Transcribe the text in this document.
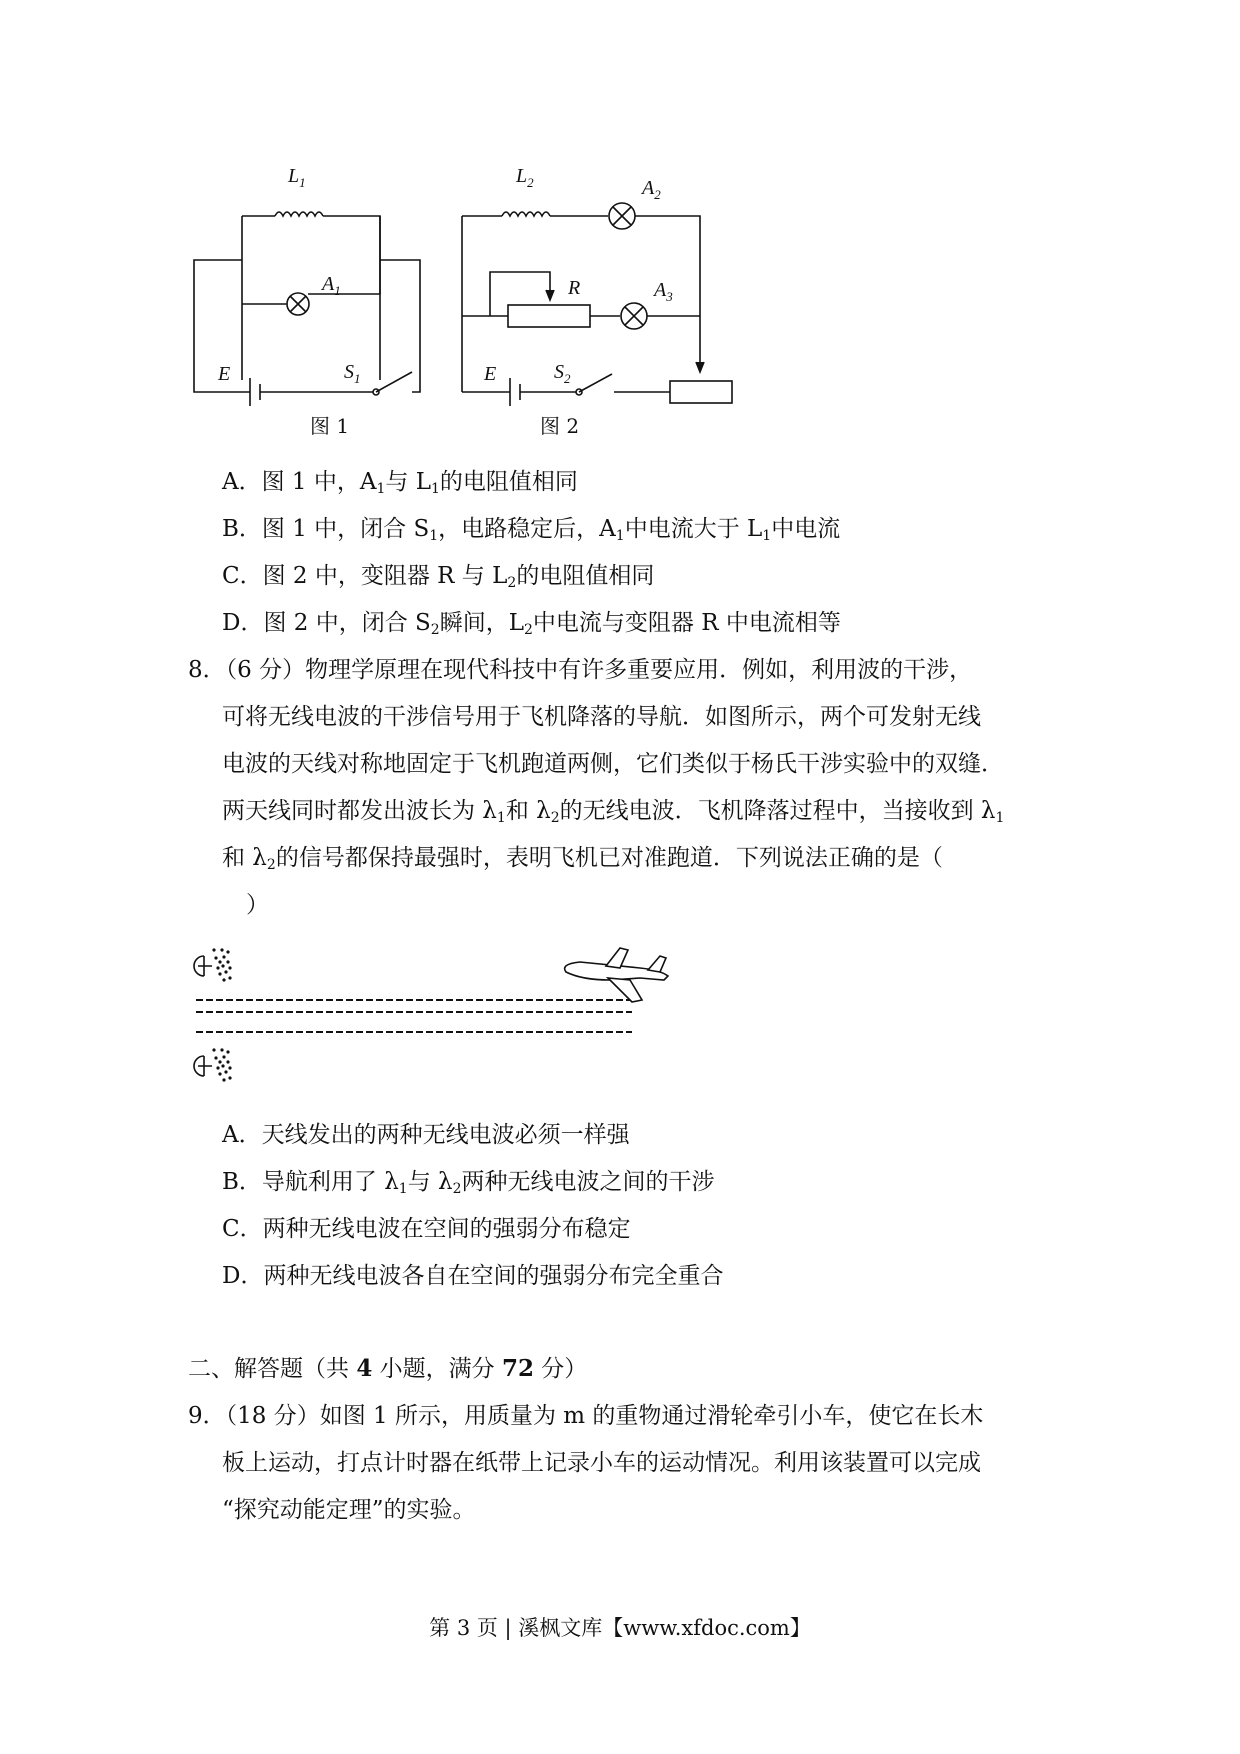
$L_1$
$A_1$
E	$S_1$
$L_2$	$A_2$
R	$A_3$
E	$S_2$
图 1	图 2
A．图 1 中，$A_1$与 $L_1$的电阻值相同
B．图 1 中，闭合 $S_1$，电路稳定后，$A_1$中电流大于 $L_1$中电流
C．图 2 中，变阻器 R 与 $L_2$的电阻值相同
D．图 2 中，闭合 $S_2$瞬间，$L_2$中电流与变阻器 R 中电流相等
8．（6 分）物理学原理在现代科技中有许多重要应用．例如，利用波的干涉，
可将无线电波的干涉信号用于飞机降落的导航．如图所示，两个可发射无线
电波的天线对称地固定于飞机跑道两侧，它们类似于杨氏干涉实验中的双缝．
两天线同时都发出波长为 $\lambda_1$和 $\lambda_2$的无线电波．飞机降落过程中，当接收到 $\lambda_1$
和 $\lambda_2$的信号都保持最强时，表明飞机已对准跑道．下列说法正确的是（
）
A．天线发出的两种无线电波必须一样强
B．导航利用了 $\lambda_1$与 $\lambda_2$两种无线电波之间的干涉
C．两种无线电波在空间的强弱分布稳定
D．两种无线电波各自在空间的强弱分布完全重合
二、解答题（共 4 小题，满分 72 分）
9．（18 分）如图 1 所示，用质量为 m 的重物通过滑轮牵引小车，使它在长木
板上运动，打点计时器在纸带上记录小车的运动情况。利用该装置可以完成
“探究动能定理”的实验。
第 3 页 | 溪枫文库【www.xfdoc.com】
